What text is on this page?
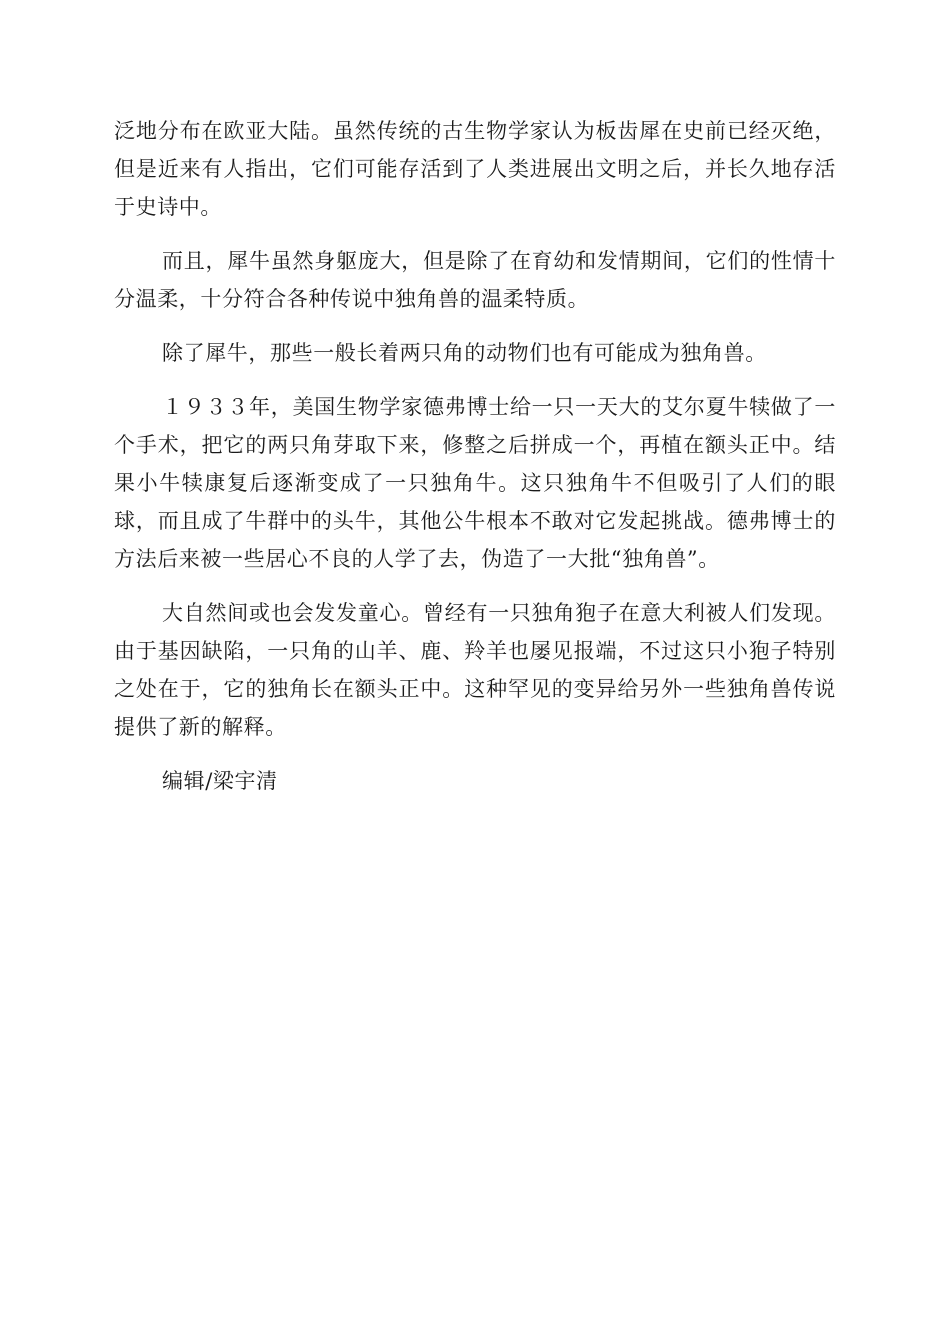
泛地分布在欧亚大陆。虽然传统的古生物学家认为板齿犀在史前已经灭绝，但是近来有人指出，它们可能存活到了人类进展出文明之后，并长久地存活于史诗中。

而且，犀牛虽然身躯庞大，但是除了在育幼和发情期间，它们的性情十分温柔，十分符合各种传说中独角兽的温柔特质。

除了犀牛，那些一般长着两只角的动物们也有可能成为独角兽。

１９３３年，美国生物学家德弗博士给一只一天大的艾尔夏牛犊做了一个手术，把它的两只角芽取下来，修整之后拼成一个，再植在额头正中。结果小牛犊康复后逐渐变成了一只独角牛。这只独角牛不但吸引了人们的眼球，而且成了牛群中的头牛，其他公牛根本不敢对它发起挑战。德弗博士的方法后来被一些居心不良的人学了去，伪造了一大批“独角兽”。

大自然间或也会发发童心。曾经有一只独角狍子在意大利被人们发现。由于基因缺陷，一只角的山羊、鹿、羚羊也屡见报端，不过这只小狍子特别之处在于，它的独角长在额头正中。这种罕见的变异给另外一些独角兽传说提供了新的解释。

编辑/梁宇清
